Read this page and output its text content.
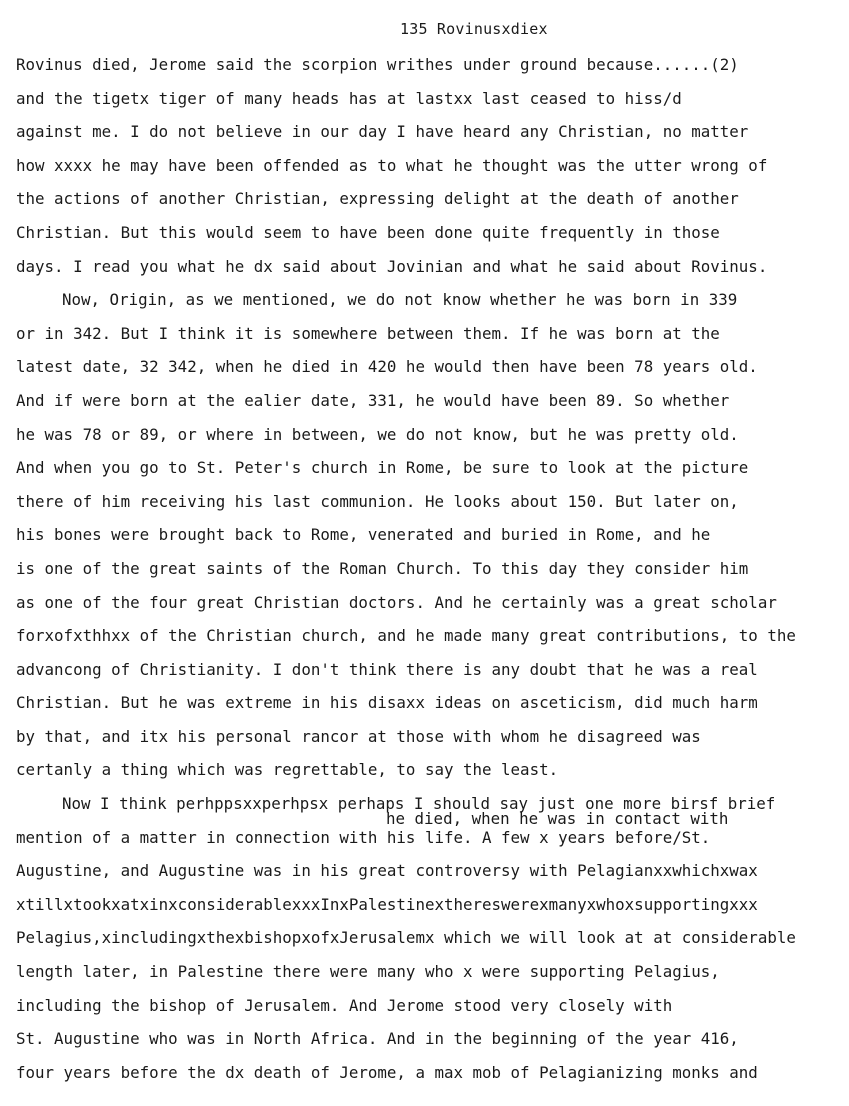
135 Rovinusxdiex
he died, when he was in contact with
Rovinus died, Jerome said the scorpion writhes under ground because......(2)
and the tigetx tiger of many heads has at lastxx last ceased to hiss/d
against me. I do not believe in our day I have heard any Christian, no matter
how xxxx he may have been offended as to what he thought was the utter wrong of
the actions of another Christian, expressing delight at the death of another
Christian. But this would seem to have been done quite frequently in those
days. I read you what he dx said about Jovinian and what he said about Rovinus.
Now, Origin, as we mentioned, we do not know whether he was born in 339
or in 342. But I think it is somewhere between them. If he was born at the
latest date, 32 342, when he died in 420 he would then have been 78 years old.
And if were born at the ealier date, 331, he would have been 89. So whether
he was 78 or 89, or where in between, we do not know, but he was pretty old.
And when you go to St. Peter's church in Rome, be sure to look at the picture
there of him receiving his last communion. He looks about 150. But later on,
his bones were brought back to Rome, venerated and buried in Rome, and he
is one of the great saints of the Roman Church. To this day they consider him
as one of the four great Christian doctors. And he certainly was a great scholar
forxofxthhxx of the Christian church, and he made many great contributions, to the
advancong of Christianity. I don't think there is any doubt that he was a real
Christian. But he was extreme in his disaxx ideas on asceticism, did much harm
by that, and itx his personal rancor at those with whom he disagreed was
certanly a thing which was regrettable, to say the least.
Now I think perhppsxxperhpsx perhaps I should say just one more birsf brief
mention of a matter in connection with his life. A few x years before/St.
Augustine, and Augustine was in his great controversy with Pelagianxxwhichxwax
xtillxtookxatxinxconsiderablexxxInxPalestinexthereswerexmanyxwhoxsupportingxxx
Pelagius,xincludingxthexbishopxofxJerusalemx which we will look at at considerable
length later, in Palestine there were many who x were supporting Pelagius,
including the bishop of Jerusalem. And Jerome stood very closely with
St. Augustine who was in North Africa. And in the beginning of the year 416,
four years before the dx death of Jerome, a max mob of Pelagianizing monks and
